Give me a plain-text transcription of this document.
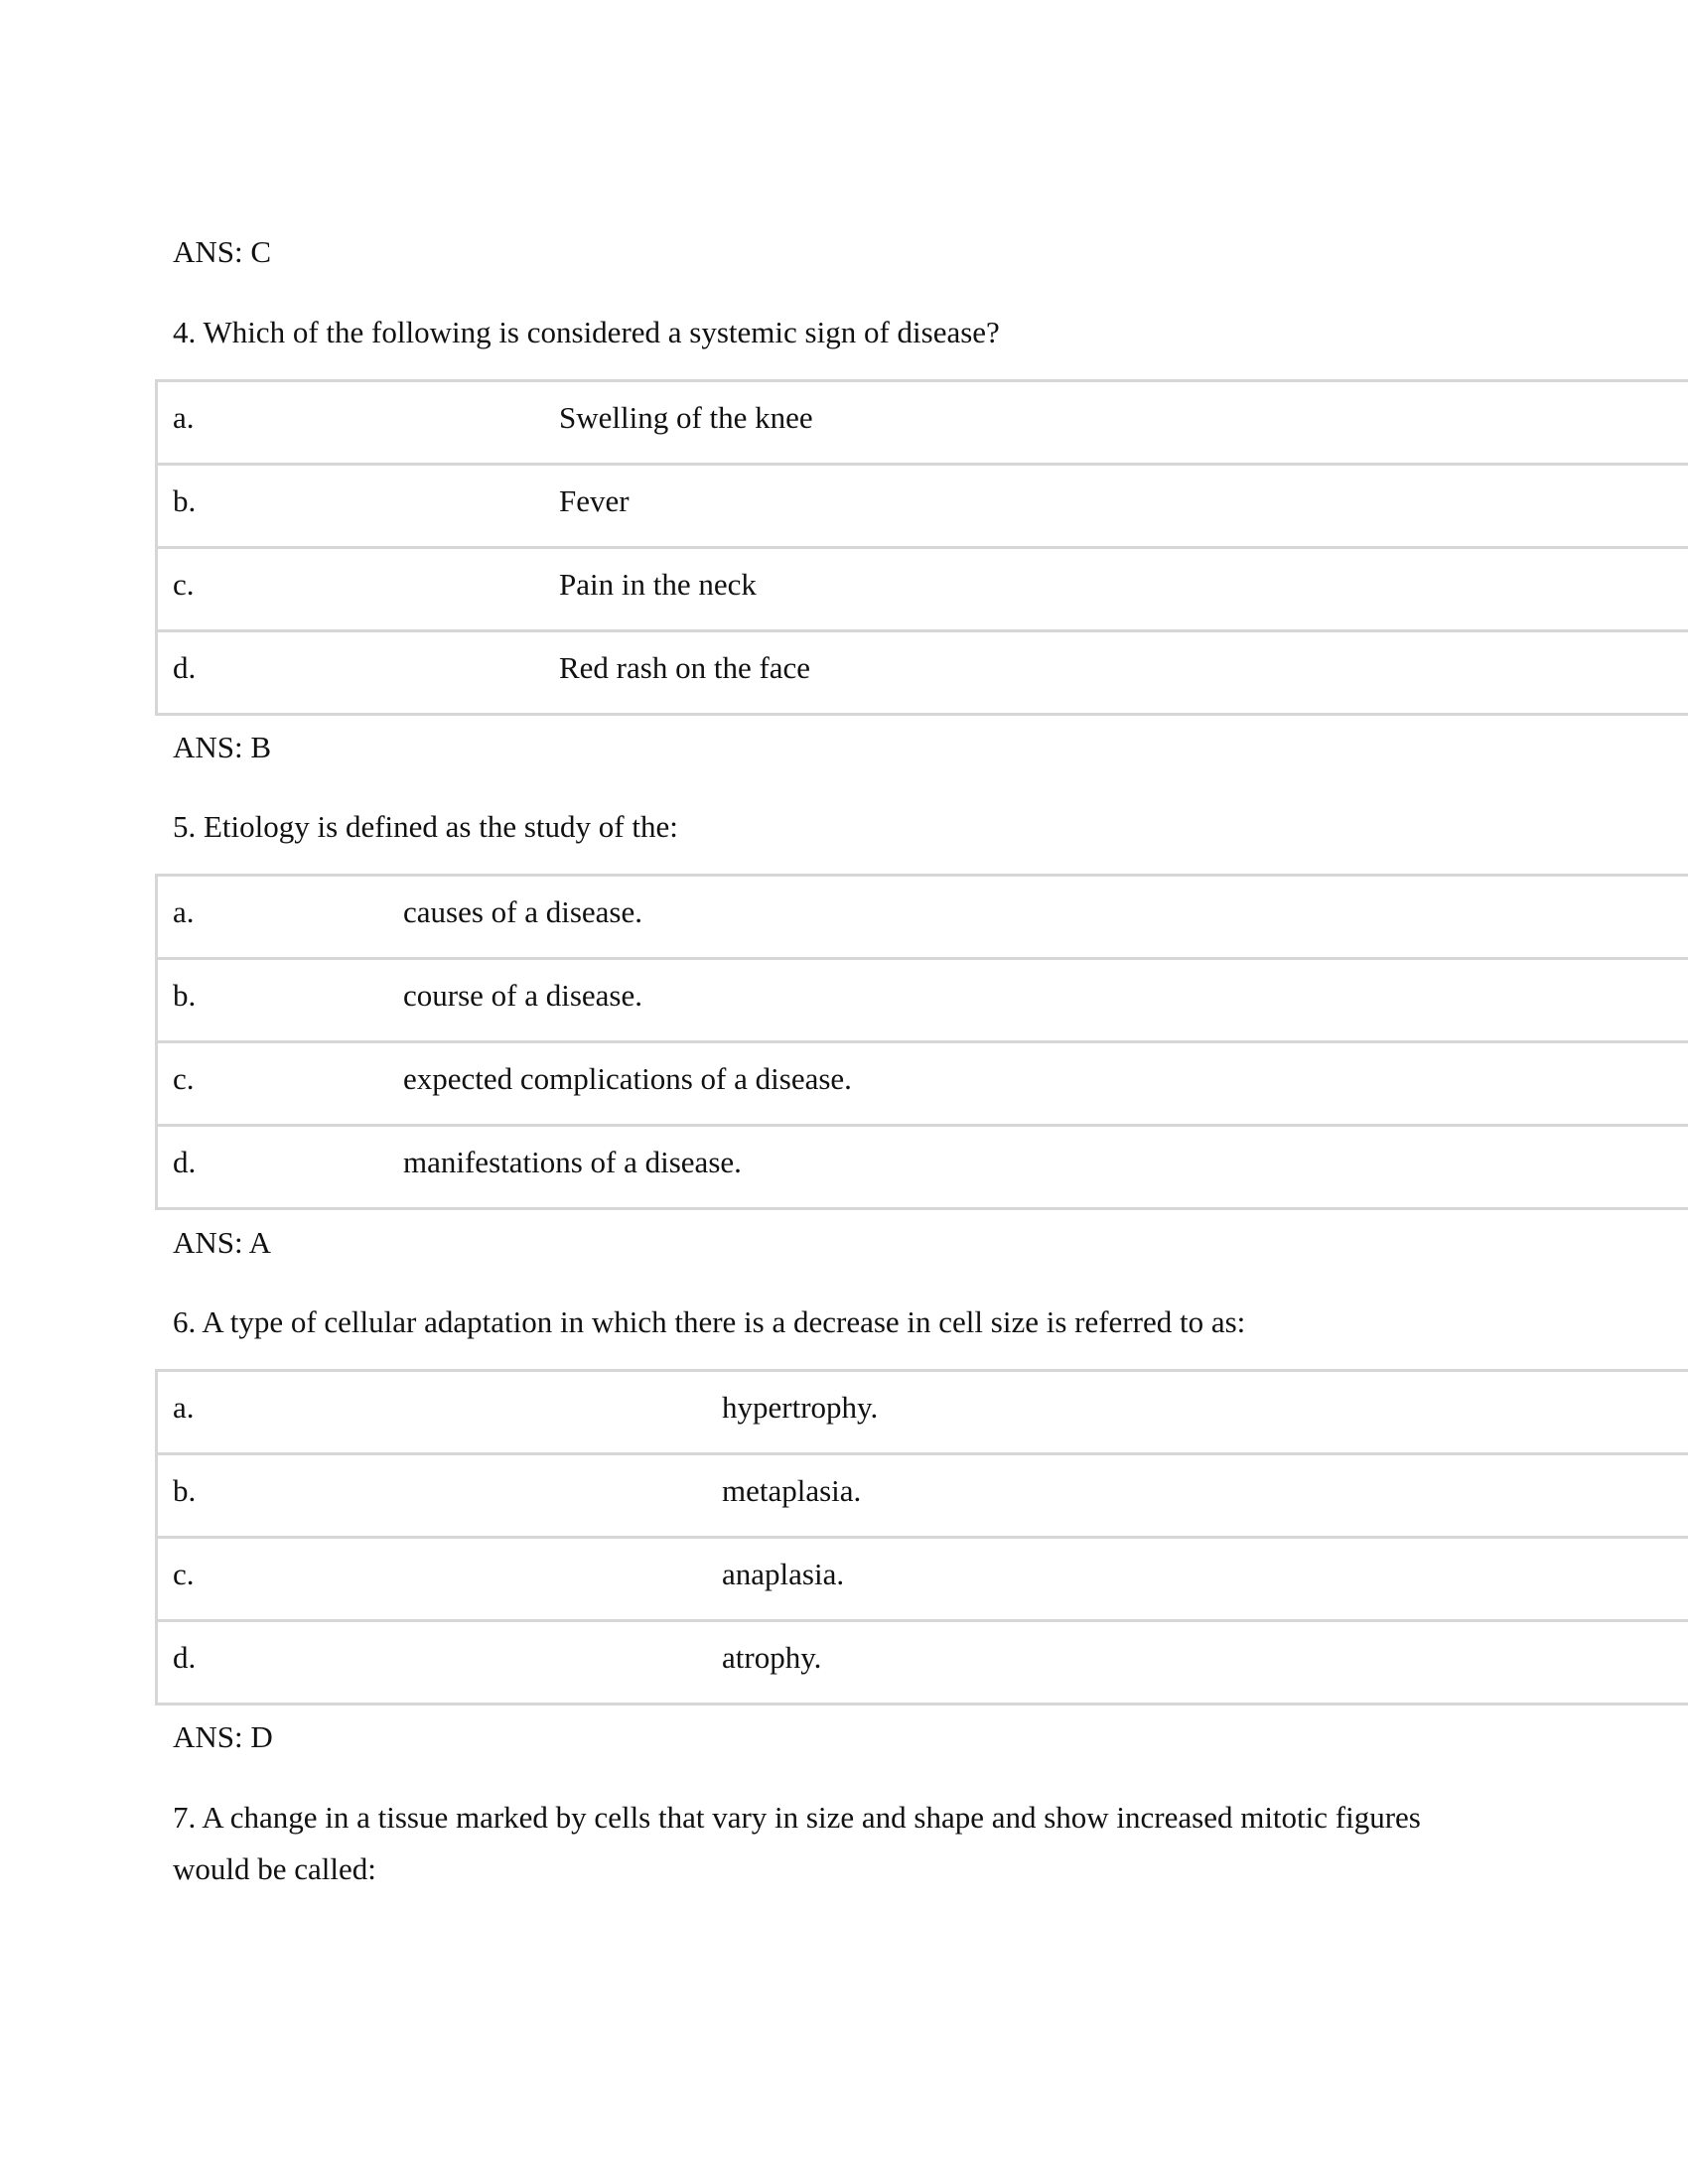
ANS: C
4. Which of the following is considered a systemic sign of disease?
a.	Swelling of the knee
b.	Fever
c.	Pain in the neck
d.	Red rash on the face
ANS: B
5. Etiology is defined as the study of the:
a.	causes of a disease.
b.	course of a disease.
c.	expected complications of a disease.
d.	manifestations of a disease.
ANS: A
6. A type of cellular adaptation in which there is a decrease in cell size is referred to as:
a.	hypertrophy.
b.	metaplasia.
c.	anaplasia.
d.	atrophy.
ANS: D
7. A change in a tissue marked by cells that vary in size and shape and show increased mitotic figures would be called:
